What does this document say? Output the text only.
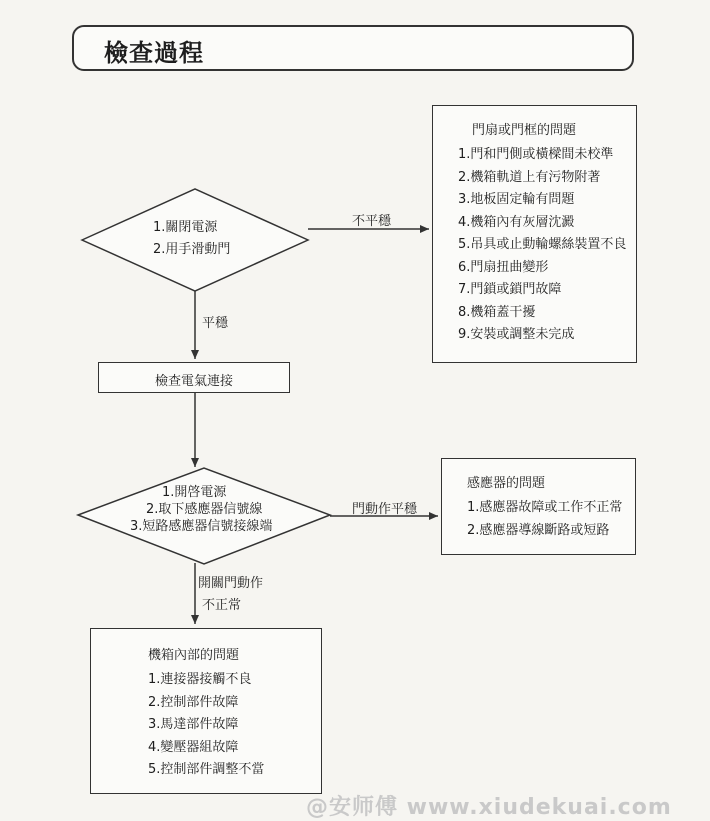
檢查過程
1.關閉電源
2.用手滑動門
1.開啓電源
2.取下感應器信號線
3.短路感應器信號接線端
不平穩
平穩
門動作平穩
開關門動作
不正常
檢查電氣連接
門扇或門框的問題
1.門和門側或橫樑間未校準
2.機箱軌道上有污物附著
3.地板固定輪有問題
4.機箱內有灰層沈澱
5.吊具或止動輪螺絲裝置不良
6.門扇扭曲變形
7.門鎖或鎖門故障
8.機箱蓋干擾
9.安裝或調整未完成
感應器的問題
1.感應器故障或工作不正常
2.感應器導線斷路或短路
機箱內部的問題
1.連接器接觸不良
2.控制部件故障
3.馬達部件故障
4.變壓器組故障
5.控制部件調整不當
@安师傅 www.xiudekuai.com
